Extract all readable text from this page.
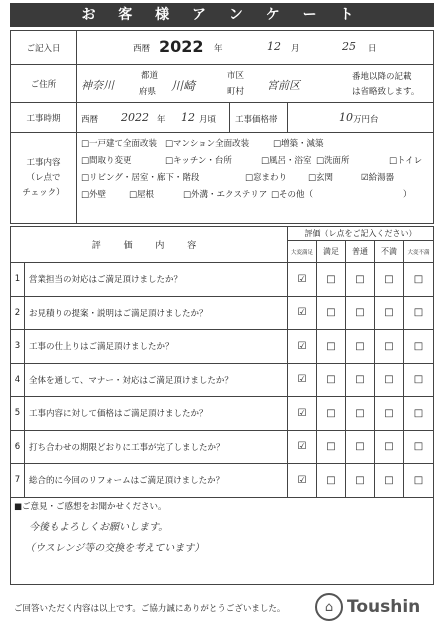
お 客 様 ア ン ケ ー ト
ご記入日	西暦 2022 年	12 月	25 日
ご住所	神奈川
都道
府県 川崎
市区
町村 宮前区
番地以降の記載
は省略致します。
工事時期	西暦 2022 年 12 月頃 工事価格帯	10 万円台
工事内容
（レ点で
チェック）
□一戸建て全面改装 □マンション全面改装	□増築・減築
□間取り変更	□キッチン・台所	□風呂・浴室 □洗面所	□トイレ
□リビング・居室・廊下・階段	□窓まわり □玄関	☑給湯器
□外壁	□屋根	□外溝・エクステリア □その他（	）
評 価 内 容
評価（レ点をご記入ください）
大変満足	満足	普通	不満	大変不満
1	営業担当の対応はご満足頂けましたか？	☑	□	□	□	□
2	お見積りの提案・説明はご満足頂けましたか？	☑	□	□	□	□
3	工事の仕上りはご満足頂けましたか？	☑	□	□	□	□
4	全体を通して、マナー・対応はご満足頂けましたか？	☑	□	□	□	□
5	工事内容に対して価格はご満足頂けましたか？	☑	□	□	□	□
6	打ち合わせの期限どおりに工事が完了しましたか？	☑	□	□	□	□
7	総合的に今回のリフォームはご満足頂けましたか？	☑	□	□	□	□
■ご意見・ご感想をお聞かせください。
今後もよろしくお願いします。
（ウスレンジ等の交換を考えています）
ご回答いただく内容は以上です。ご協力誠にありがとうございました。	⌂ Toushin
